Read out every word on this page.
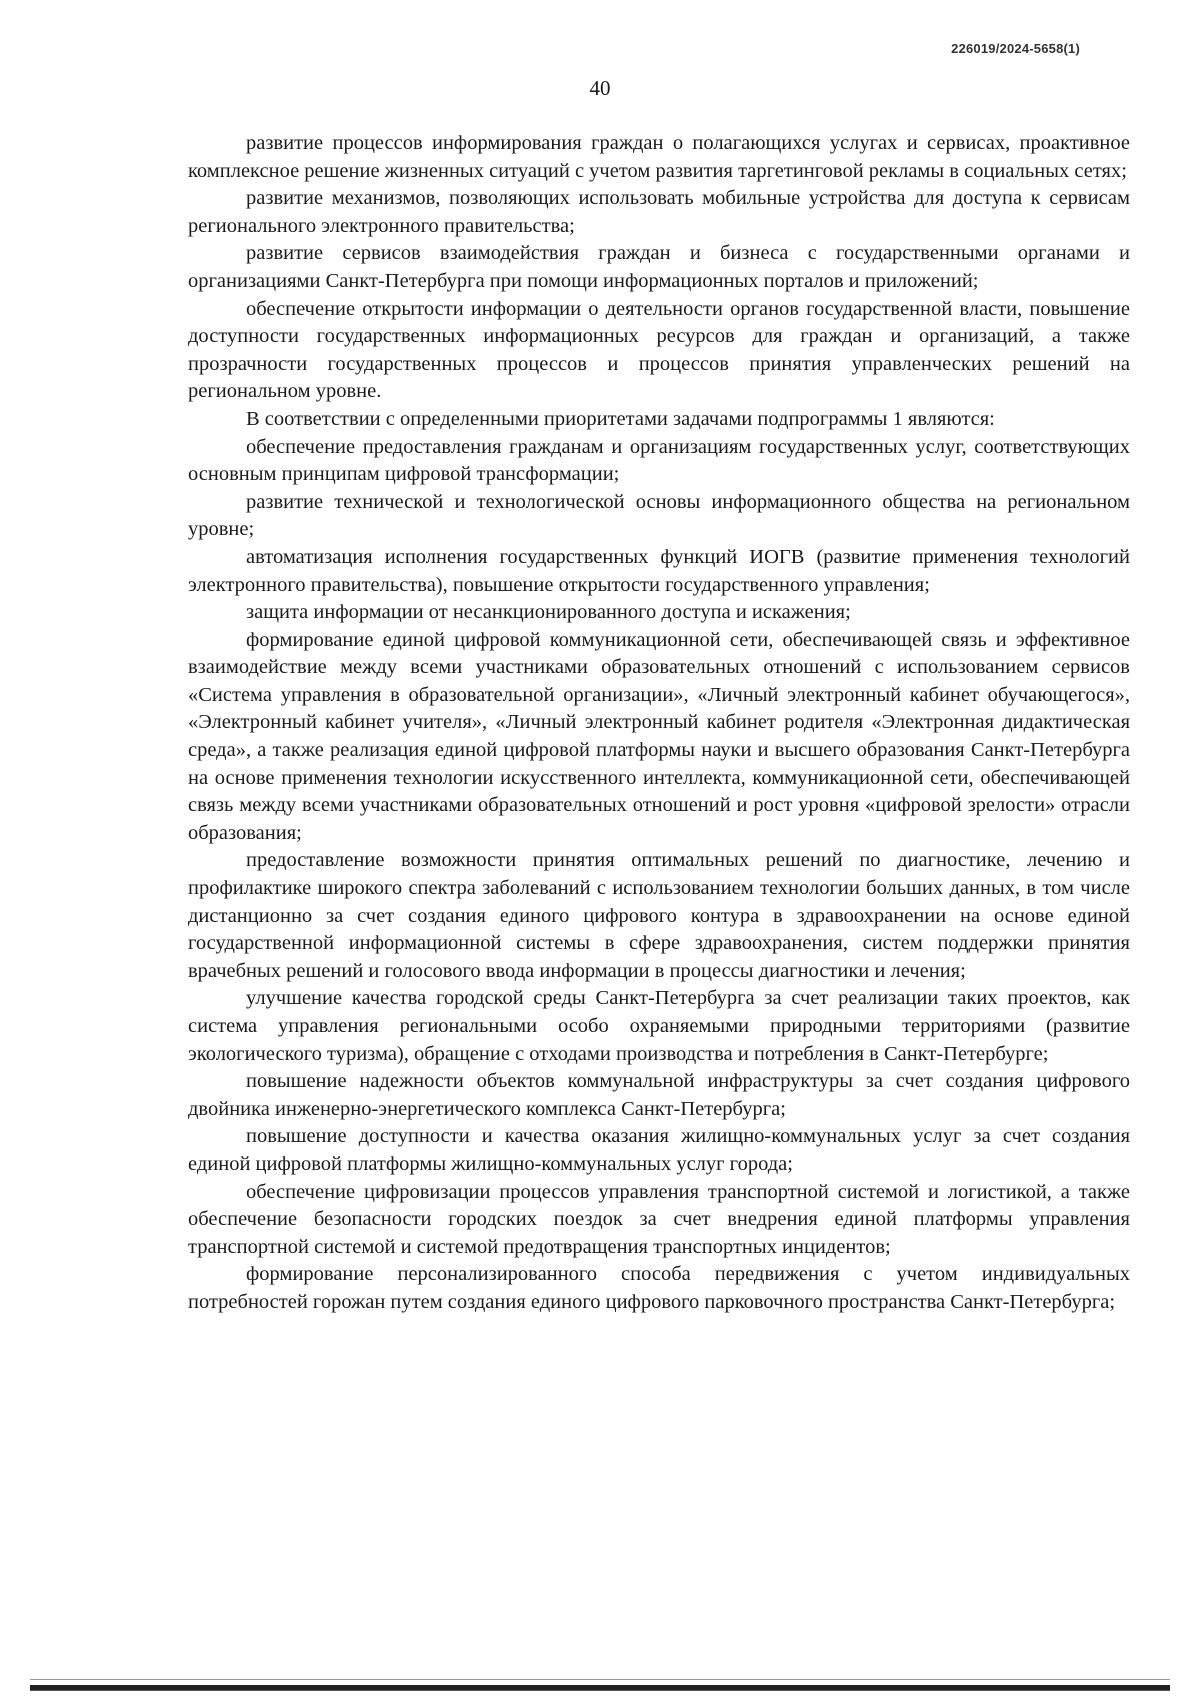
226019/2024-5658(1)
40

развитие процессов информирования граждан о полагающихся услугах и сервисах, проактивное комплексное решение жизненных ситуаций с учетом развития таргетинговой рекламы в социальных сетях;

развитие механизмов, позволяющих использовать мобильные устройства для доступа к сервисам регионального электронного правительства;

развитие сервисов взаимодействия граждан и бизнеса с государственными органами и организациями Санкт-Петербурга при помощи информационных порталов и приложений;

обеспечение открытости информации о деятельности органов государственной власти, повышение доступности государственных информационных ресурсов для граждан и организаций, а также прозрачности государственных процессов и процессов принятия управленческих решений на региональном уровне.

В соответствии с определенными приоритетами задачами подпрограммы 1 являются:

обеспечение предоставления гражданам и организациям государственных услуг, соответствующих основным принципам цифровой трансформации;

развитие технической и технологической основы информационного общества на региональном уровне;

автоматизация исполнения государственных функций ИОГВ (развитие применения технологий электронного правительства), повышение открытости государственного управления;

защита информации от несанкционированного доступа и искажения;

формирование единой цифровой коммуникационной сети, обеспечивающей связь и эффективное взаимодействие между всеми участниками образовательных отношений с использованием сервисов «Система управления в образовательной организации», «Личный электронный кабинет обучающегося», «Электронный кабинет учителя», «Личный электронный кабинет родителя «Электронная дидактическая среда», а также реализация единой цифровой платформы науки и высшего образования Санкт-Петербурга на основе применения технологии искусственного интеллекта, коммуникационной сети, обеспечивающей связь между всеми участниками образовательных отношений и рост уровня «цифровой зрелости» отрасли образования;

предоставление возможности принятия оптимальных решений по диагностике, лечению и профилактике широкого спектра заболеваний с использованием технологии больших данных, в том числе дистанционно за счет создания единого цифрового контура в здравоохранении на основе единой государственной информационной системы в сфере здравоохранения, систем поддержки принятия врачебных решений и голосового ввода информации в процессы диагностики и лечения;

улучшение качества городской среды Санкт-Петербурга за счет реализации таких проектов, как система управления региональными особо охраняемыми природными территориями (развитие экологического туризма), обращение с отходами производства и потребления в Санкт-Петербурге;

повышение надежности объектов коммунальной инфраструктуры за счет создания цифрового двойника инженерно-энергетического комплекса Санкт-Петербурга;

повышение доступности и качества оказания жилищно-коммунальных услуг за счет создания единой цифровой платформы жилищно-коммунальных услуг города;

обеспечение цифровизации процессов управления транспортной системой и логистикой, а также обеспечение безопасности городских поездок за счет внедрения единой платформы управления транспортной системой и системой предотвращения транспортных инцидентов;

формирование персонализированного способа передвижения с учетом индивидуальных потребностей горожан путем создания единого цифрового парковочного пространства Санкт-Петербурга;
